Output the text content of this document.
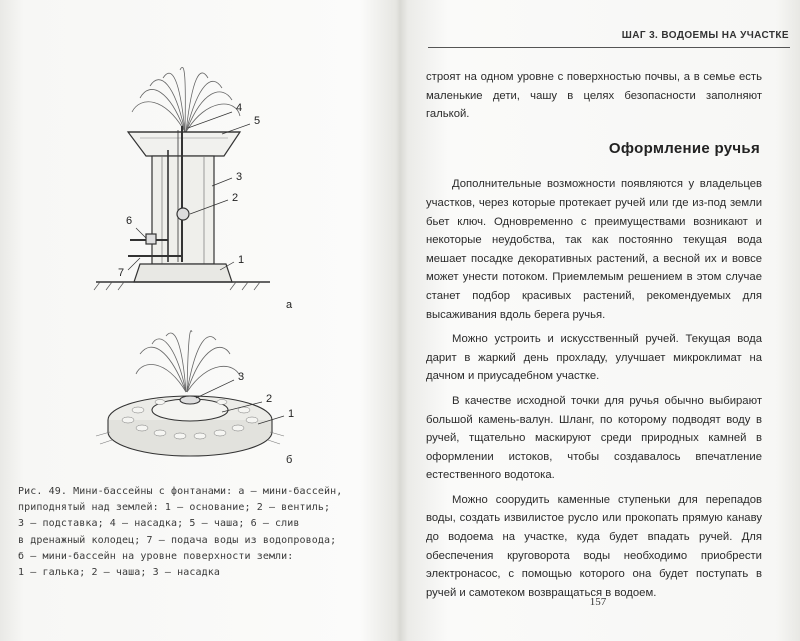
4
5
3
2
1
6
7
а
3
2
1
б
Рис. 49. Мини-бассейны с фонтанами: а — мини-бассейн,
приподнятый над землей: 1 — основание; 2 — вентиль;
3 — подставка; 4 — насадка; 5 — чаша; 6 — слив
в дренажный колодец; 7 — подача воды из водопровода;
б — мини-бассейн на уровне поверхности земли:
1 — галька; 2 — чаша; 3 — насадка
ШАГ 3. ВОДОЕМЫ НА УЧАСТКЕ

строят на одном уровне с поверхностью почвы, а в семье есть маленькие дети, чашу в целях безопасности заполняют галькой.

Оформление ручья

Дополнительные возможности появляются у владельцев участков, через которые протекает ручей или где из-под земли бьет ключ. Одновременно с преимуществами возникают и некоторые неудобства, так как постоянно текущая вода мешает посадке декоративных растений, а весной их и вовсе может унести потоком. Приемлемым решением в этом случае станет подбор красивых растений, рекомендуемых для высаживания вдоль берега ручья.

Можно устроить и искусственный ручей. Текущая вода дарит в жаркий день прохладу, улучшает микроклимат на дачном и приусадебном участке.

В качестве исходной точки для ручья обычно выбирают большой камень-валун. Шланг, по которому подводят воду в ручей, тщательно маскируют среди природных камней в оформлении истоков, чтобы создавалось впечатление естественного водотока.

Можно соорудить каменные ступеньки для перепадов воды, создать извилистое русло или прокопать прямую канаву до водоема на участке, куда будет впадать ручей. Для обеспечения круговорота воды необходимо приобрести электронасос, с помощью которого она будет поступать в ручей и самотеком возвращаться в водоем.

157
